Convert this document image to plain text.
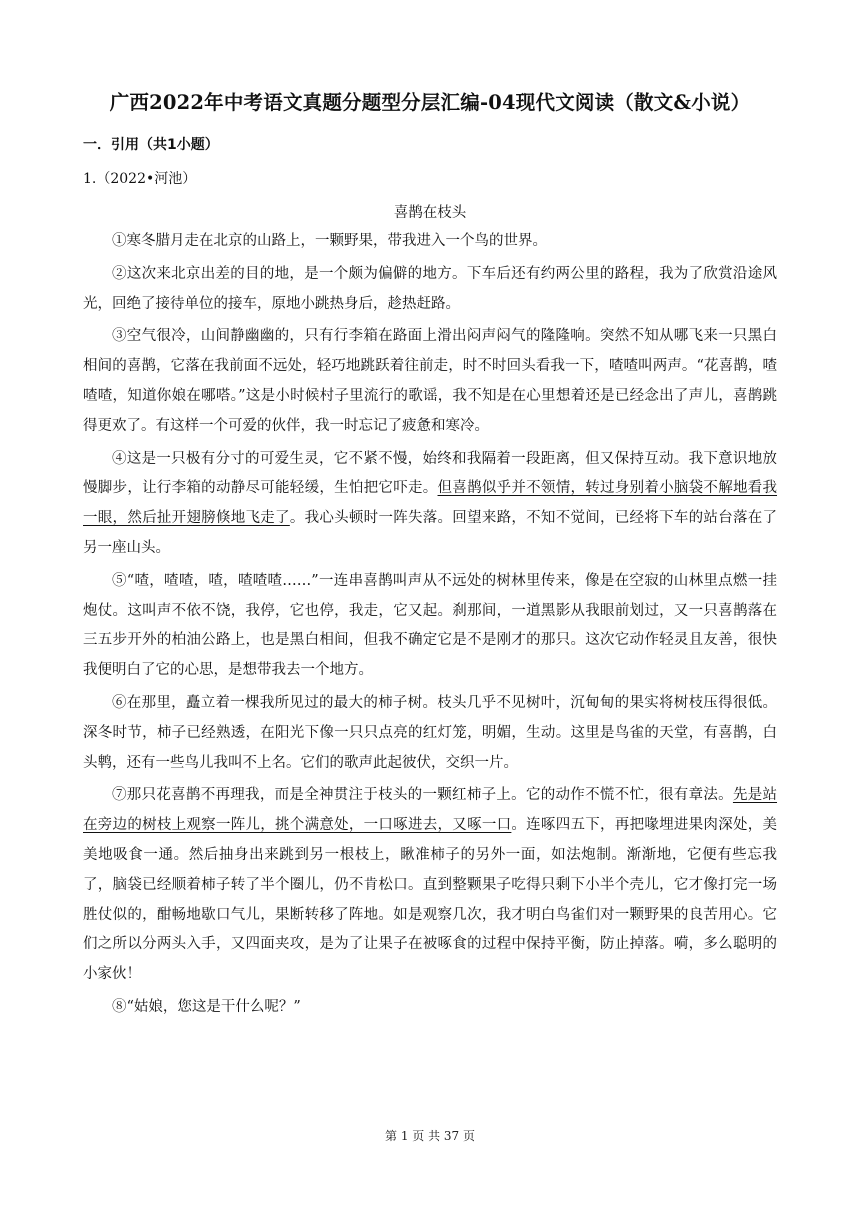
广西2022年中考语文真题分题型分层汇编-04现代文阅读（散文&小说）
一．引用（共1小题）
1.（2022•河池）
喜鹊在枝头

①寒冬腊月走在北京的山路上，一颗野果，带我进入一个鸟的世界。

②这次来北京出差的目的地，是一个颇为偏僻的地方。下车后还有约两公里的路程，我为了欣赏沿途风光，回绝了接待单位的接车，原地小跳热身后，趁热赶路。

③空气很冷，山间静幽幽的，只有行李箱在路面上滑出闷声闷气的隆隆响。突然不知从哪飞来一只黑白相间的喜鹊，它落在我前面不远处，轻巧地跳跃着往前走，时不时回头看我一下，喳喳叫两声。“花喜鹊，喳喳喳，知道你娘在哪嗒。”这是小时候村子里流行的歌谣，我不知是在心里想着还是已经念出了声儿，喜鹊跳得更欢了。有这样一个可爱的伙伴，我一时忘记了疲惫和寒冷。

④这是一只极有分寸的可爱生灵，它不紧不慢，始终和我隔着一段距离，但又保持互动。我下意识地放慢脚步，让行李箱的动静尽可能轻缓，生怕把它吓走。但喜鹊似乎并不领情，转过身别着小脑袋不解地看我一眼，然后扯开翅膀倏地飞走了。我心头顿时一阵失落。回望来路，不知不觉间，已经将下车的站台落在了另一座山头。

⑤“喳，喳喳，喳，喳喳喳……”一连串喜鹊叫声从不远处的树林里传来，像是在空寂的山林里点燃一挂炮仗。这叫声不依不饶，我停，它也停，我走，它又起。刹那间，一道黑影从我眼前划过，又一只喜鹊落在三五步开外的柏油公路上，也是黑白相间，但我不确定它是不是刚才的那只。这次它动作轻灵且友善，很快我便明白了它的心思，是想带我去一个地方。

⑥在那里，矗立着一棵我所见过的最大的柿子树。枝头几乎不见树叶，沉甸甸的果实将树枝压得很低。深冬时节，柿子已经熟透，在阳光下像一只只点亮的红灯笼，明媚，生动。这里是鸟雀的天堂，有喜鹊，白头鹎，还有一些鸟儿我叫不上名。它们的歌声此起彼伏，交织一片。

⑦那只花喜鹊不再理我，而是全神贯注于枝头的一颗红柿子上。它的动作不慌不忙，很有章法。先是站在旁边的树枝上观察一阵儿，挑个满意处，一口啄进去，又啄一口。连啄四五下，再把喙埋进果肉深处，美美地吸食一通。然后抽身出来跳到另一根枝上，瞅准柿子的另外一面，如法炮制。渐渐地，它便有些忘我了，脑袋已经顺着柿子转了半个圈儿，仍不肯松口。直到整颗果子吃得只剩下小半个壳儿，它才像打完一场胜仗似的，酣畅地歇口气儿，果断转移了阵地。如是观察几次，我才明白鸟雀们对一颗野果的良苦用心。它们之所以分两头入手，又四面夹攻，是为了让果子在被啄食的过程中保持平衡，防止掉落。嗬，多么聪明的小家伙！

⑧“姑娘，您这是干什么呢？”

第 1 页 共 37 页
